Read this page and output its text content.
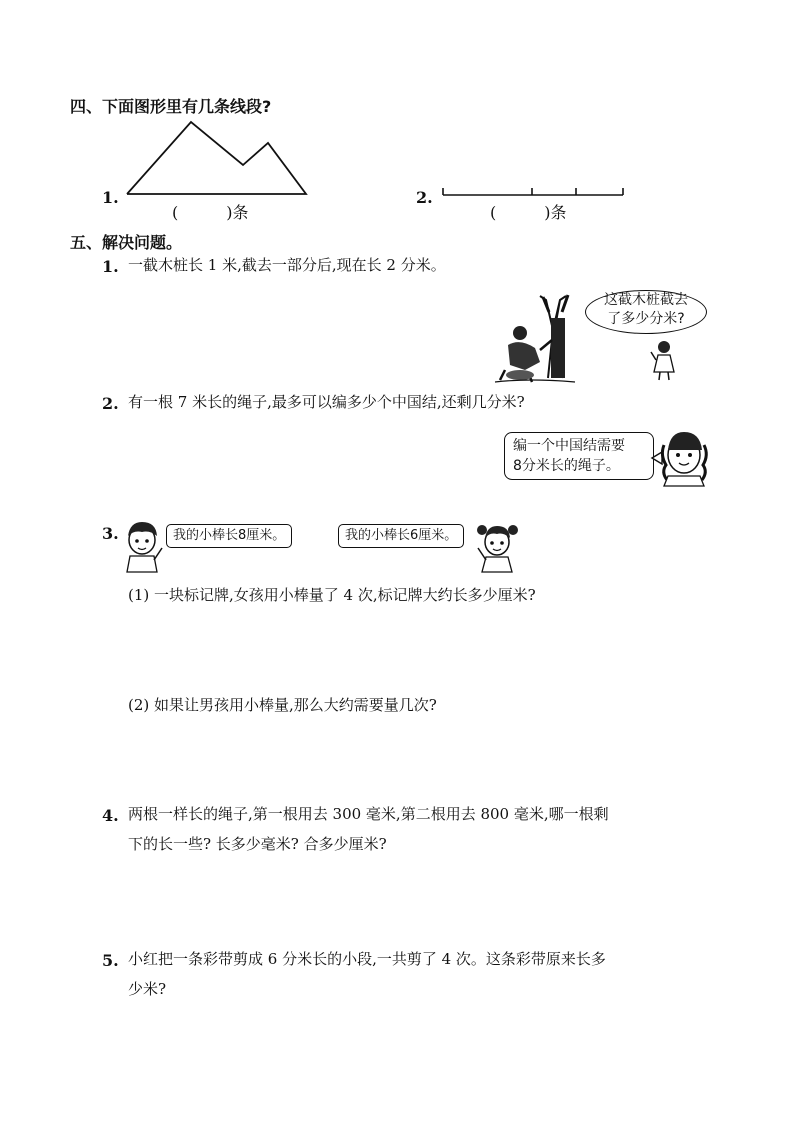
四、下面图形里有几条线段?
1.
(　　　)条
2.
(　　　)条
五、解决问题。
1. 一截木桩长 1 米,截去一部分后,现在长 2 分米。
这截木桩截去
了多少分米?
2. 有一根 7 米长的绳子,最多可以编多少个中国结,还剩几分米?
编一个中国结需要
8分米长的绳子。
3.	我的小棒长8厘米。	我的小棒长6厘米。
(1) 一块标记牌,女孩用小棒量了 4 次,标记牌大约长多少厘米?
(2) 如果让男孩用小棒量,那么大约需要量几次?
4. 两根一样长的绳子,第一根用去 300 毫米,第二根用去 800 毫米,哪一根剩
下的长一些? 长多少毫米? 合多少厘米?
5. 小红把一条彩带剪成 6 分米长的小段,一共剪了 4 次。这条彩带原来长多
少米?
